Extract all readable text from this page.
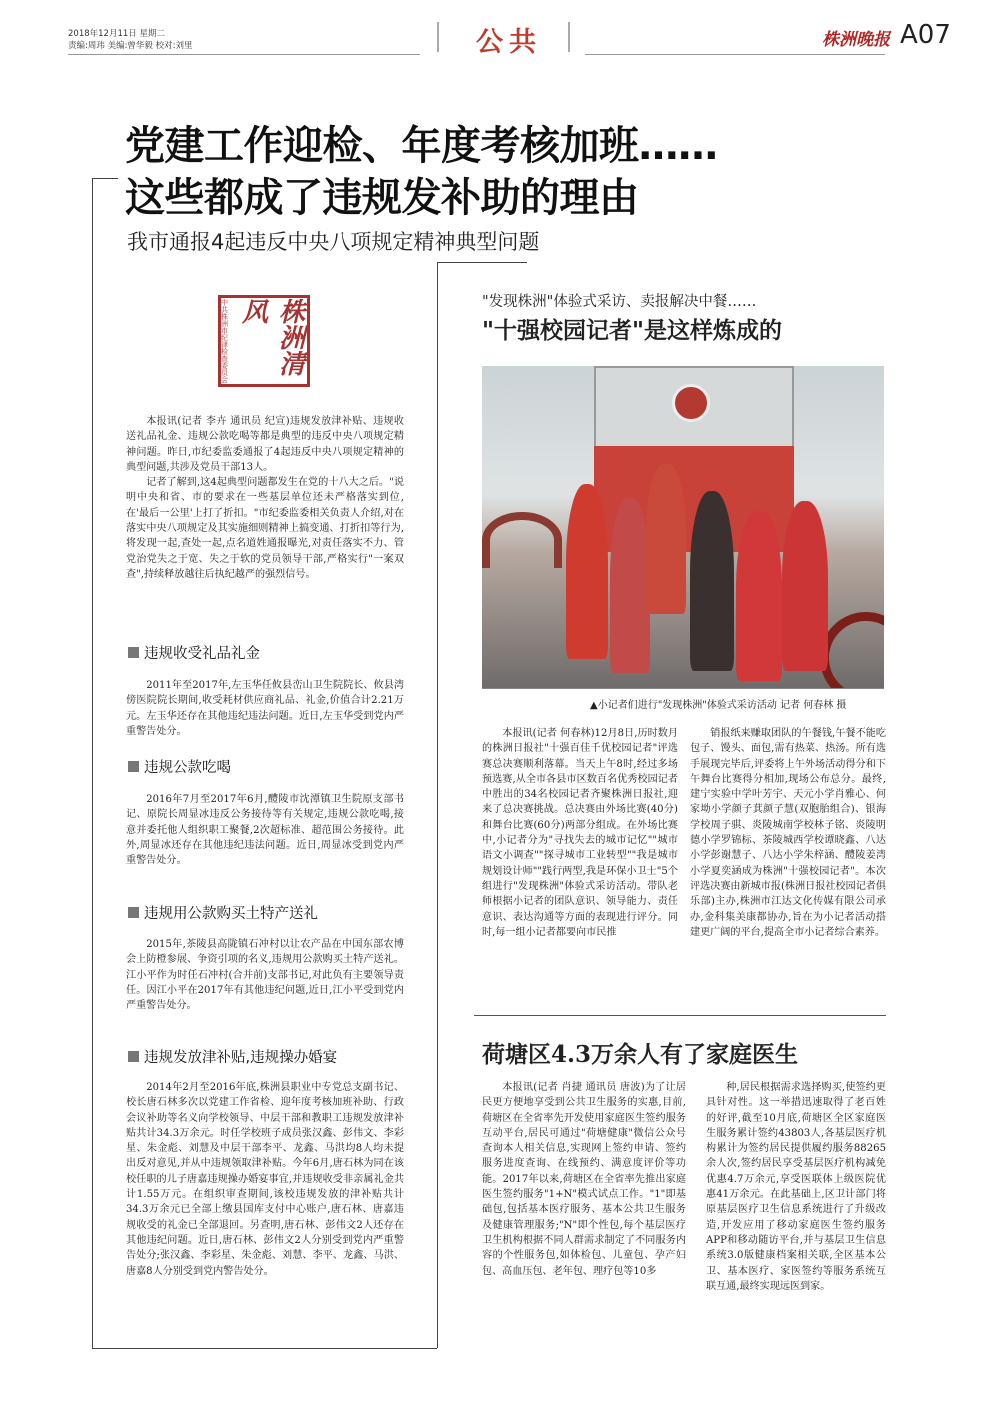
2018年12月11日 星期二
责编:周玮 美编:曾华毅 校对:刘里	公共	株洲晚报 A07
党建工作迎检、年度考核加班……
这些都成了违规发补助的理由
我市通报4起违反中央八项规定精神典型问题
中共株洲市纪律检查委员会	株洲清风

本报讯(记者 李卉 通讯员 纪宣)违规发放津补贴、违规收送礼品礼金、违规公款吃喝等都是典型的违反中央八项规定精神问题。昨日,市纪委监委通报了4起违反中央八项规定精神的典型问题,共涉及党员干部13人。

记者了解到,这4起典型问题都发生在党的十八大之后。"说明中央和省、市的要求在一些基层单位还未严格落实到位,在'最后一公里'上打了折扣。"市纪委监委相关负责人介绍,对在落实中央八项规定及其实施细则精神上搞变通、打折扣等行为,将发现一起,查处一起,点名道姓通报曝光,对责任落实不力、管党治党失之于宽、失之于软的党员领导干部,严格实行"一案双查",持续释放越往后执纪越严的强烈信号。

违规收受礼品礼金

2011年至2017年,左玉华任攸县峦山卫生院院长、攸县湾傍医院院长期间,收受耗材供应商礼品、礼金,价值合计2.21万元。左玉华还存在其他违纪违法问题。近日,左玉华受到党内严重警告处分。

违规公款吃喝

2016年7月至2017年6月,醴陵市沈潭镇卫生院原支部书记、原院长周显冰违反公务接待等有关规定,违规公款吃喝,接意并委托他人组织职工聚餐,2次超标准、超范围公务接待。此外,周显冰还存在其他违纪违法问题。近日,周显冰受到党内严重警告处分。

违规用公款购买土特产送礼

2015年,茶陵县高陇镇石冲村以让农产品在中国东部农博会上防橙参展、争资引项的名义,违规用公款购买土特产送礼。江小平作为时任石冲村(合并前)支部书记,对此负有主要领导责任。因江小平在2017年有其他违纪问题,近日,江小平受到党内严重警告处分。

违规发放津补贴,违规操办婚宴

2014年2月至2016年底,株洲县职业中专党总支副书记、校长唐石林多次以党建工作省检、迎年度考核加班补助、行政会议补助等名义向学校领导、中层干部和教职工违规发放津补贴共计34.3万余元。时任学校班子成员张汉鑫、彭伟文、李彩星、朱金彪、刘慧及中层干部李平、龙鑫、马洪均8人均未提出反对意见,并从中违规领取津补贴。今年6月,唐石林为同在该校任职的儿子唐嘉违规操办婚宴事宜,并违规收受非亲属礼金共计1.55万元。在组织审查期间,该校违规发放的津补贴共计34.3万余元已全部上缴县国库支付中心账户,唐石林、唐嘉违规收受的礼金已全部退回。另查明,唐石林、彭伟文2人还存在其他违纪问题。近日,唐石林、彭伟文2人分别受到党内严重警告处分;张汉鑫、李彩星、朱金彪、刘慧、李平、龙鑫、马洪、唐嘉8人分别受到党内警告处分。

"发现株洲"体验式采访、卖报解决中餐……
"十强校园记者"是这样炼成的
▲小记者们进行"发现株洲"体验式采访活动 记者 何春林 摄

本报讯(记者 何春林)12月8日,历时数月的株洲日报社"十强百佳千优校园记者"评选赛总决赛顺利落幕。当天上午8时,经过多场预选赛,从全市各县市区数百名优秀校园记者中胜出的34名校园记者齐聚株洲日报社,迎来了总决赛挑战。总决赛由外场比赛(40分)和舞台比赛(60分)两部分组成。在外场比赛中,小记者分为"寻找失去的城市记忆""城市语文小调查""探寻城市工业转型""我是城市规划设计师""践行两型,我是环保小卫士"5个组进行"发现株洲"体验式采访活动。带队老师根据小记者的团队意识、领导能力、责任意识、表达沟通等方面的表现进行评分。同时,每一组小记者都要向市民推

销报纸来赚取团队的午餐钱,午餐不能吃包子、馒头、面包,需有热菜、热汤。所有选手展现完毕后,评委将上午外场活动得分和下午舞台比赛得分相加,现场公布总分。最终,建宁实验中学叶芳宇、天元小学肖雅心、何家坳小学颜子萁颜子慧(双胞胎组合)、银海学校周子骐、炎陵城南学校林子铭、炎陵明德小学罗锦标、茶陵城西学校谭晓鑫、八达小学彭谢慧子、八达小学朱梓涵、醴陵姜湾小学夏奕涵成为株洲"十强校园记者"。本次评选决赛由新城市报(株洲日报社校园记者俱乐部)主办,株洲市江达文化传媒有限公司承办,金科集美康都协办,旨在为小记者活动搭建更广阔的平台,提高全市小记者综合素养。

荷塘区4.3万余人有了家庭医生

本报讯(记者 肖捷 通讯员 唐波)为了让居民更方便地享受到公共卫生服务的实惠,目前,荷塘区在全省率先开发使用家庭医生签约服务互动平台,居民可通过"荷塘健康"微信公众号查询本人相关信息,实现网上签约申请、签约服务进度查询、在线预约、满意度评价等功能。2017年以来,荷塘区在全省率先推出家庭医生签约服务"1+N"模式试点工作。"1"即基础包,包括基本医疗服务、基本公共卫生服务及健康管理服务;"N"即个性包,每个基层医疗卫生机构根据不同人群需求制定了不同服务内容的个性服务包,如体检包、儿童包、孕产妇包、高血压包、老年包、理疗包等10多

种,居民根据需求选择购买,使签约更具针对性。这一举措迅速取得了老百姓的好评,截至10月底,荷塘区全区家庭医生服务累计签约43803人,各基层医疗机构累计为签约居民提供履约服务88265余人次,签约居民享受基层医疗机构减免优惠4.7万余元,享受医联体上级医院优惠41万余元。在此基础上,区卫计部门将原基层医疗卫生信息系统进行了升级改造,开发应用了移动家庭医生签约服务APP和移动随访平台,并与基层卫生信息系统3.0版健康档案相关联,全区基本公卫、基本医疗、家医签约等服务系统互联互通,最终实现远医到家。
